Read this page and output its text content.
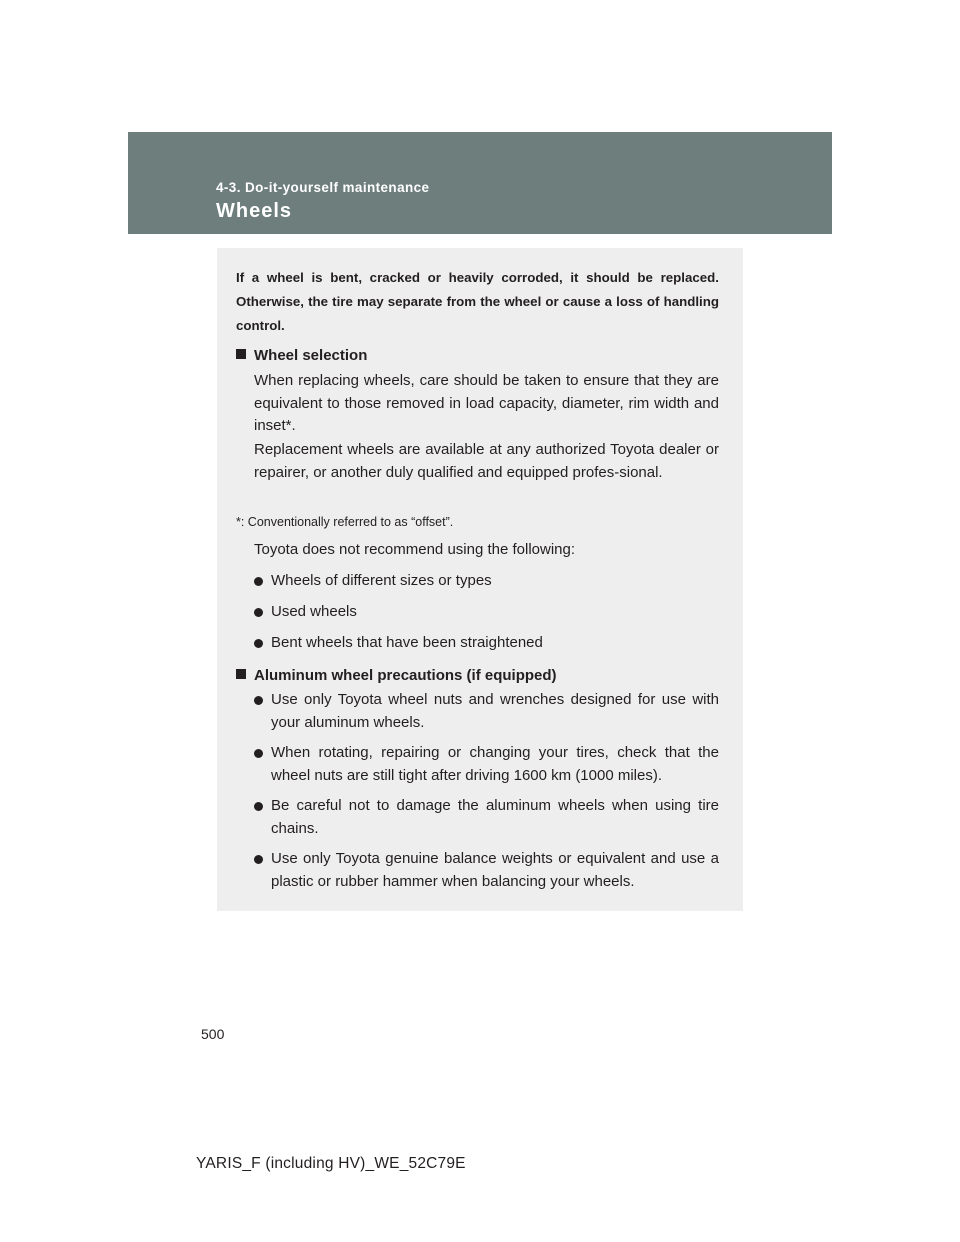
4-3. Do-it-yourself maintenance
Wheels
If a wheel is bent, cracked or heavily corroded, it should be replaced. Otherwise, the tire may separate from the wheel or cause a loss of handling control.
Wheel selection
When replacing wheels, care should be taken to ensure that they are equivalent to those removed in load capacity, diameter, rim width and inset*.
Replacement wheels are available at any authorized Toyota dealer or repairer, or another duly qualified and equipped profes-sional.
*: Conventionally referred to as “offset”.
Toyota does not recommend using the following:
Wheels of different sizes or types
Used wheels
Bent wheels that have been straightened
Aluminum wheel precautions (if equipped)
Use only Toyota wheel nuts and wrenches designed for use with your aluminum wheels.
When rotating, repairing or changing your tires, check that the wheel nuts are still tight after driving 1600 km (1000 miles).
Be careful not to damage the aluminum wheels when using tire chains.
Use only Toyota genuine balance weights or equivalent and use a plastic or rubber hammer when balancing your wheels.
500
YARIS_F (including HV)_WE_52C79E
